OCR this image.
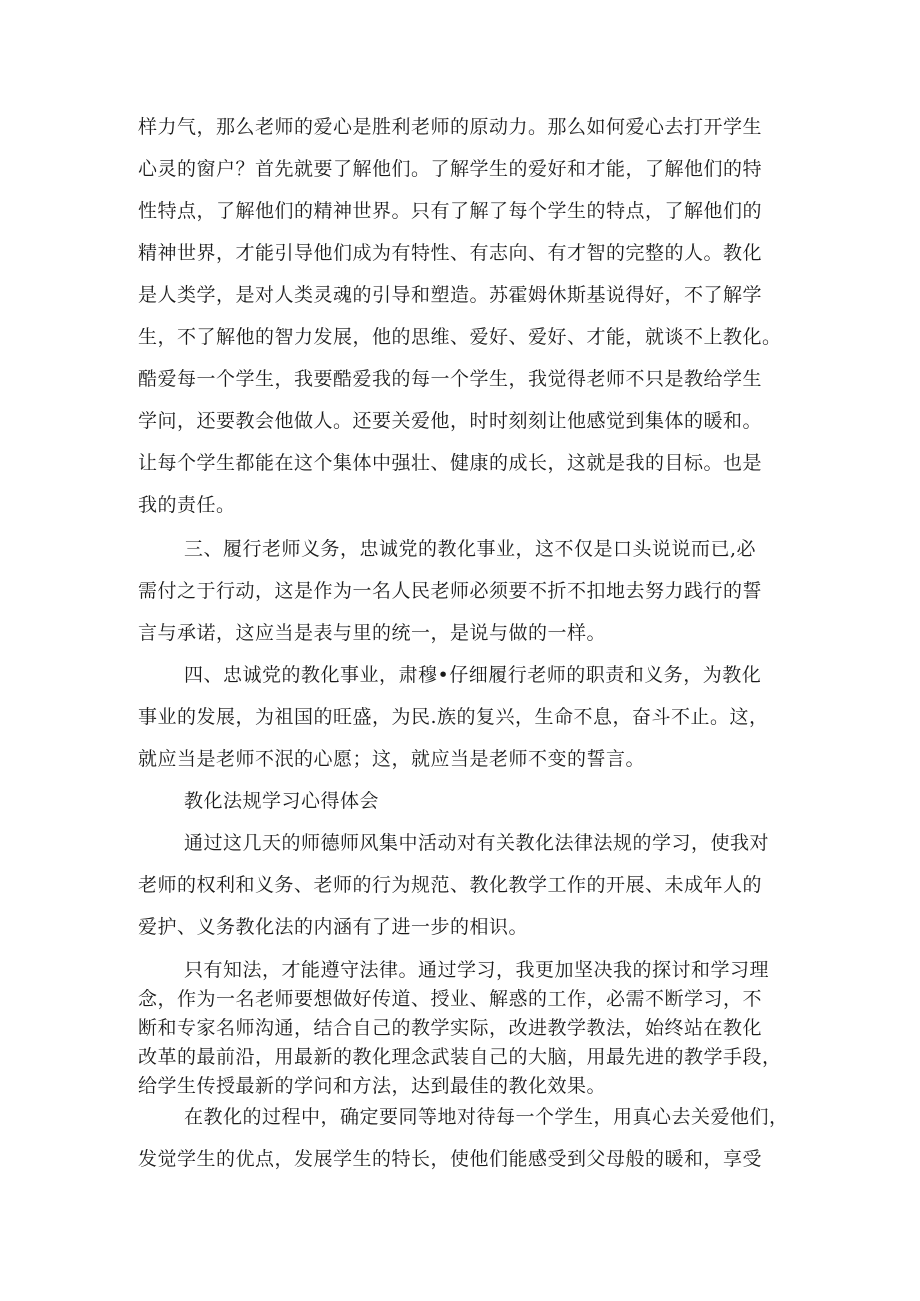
样力气，那么老师的爱心是胜利老师的原动力。那么如何爱心去打开学生
心灵的窗户？首先就要了解他们。了解学生的爱好和才能，了解他们的特
性特点，了解他们的精神世界。只有了解了每个学生的特点，了解他们的
精神世界，才能引导他们成为有特性、有志向、有才智的完整的人。教化
是人类学，是对人类灵魂的引导和塑造。苏霍姆休斯基说得好，不了解学
生，不了解他的智力发展，他的思维、爱好、爱好、才能，就谈不上教化。
酷爱每一个学生，我要酷爱我的每一个学生，我觉得老师不只是教给学生
学问，还要教会他做人。还要关爱他，时时刻刻让他感觉到集体的暖和。
让每个学生都能在这个集体中强壮、健康的成长，这就是我的目标。也是
我的责任。
三、履行老师义务，忠诚党的教化事业，这不仅是口头说说而已,必
需付之于行动，这是作为一名人民老师必须要不折不扣地去努力践行的誓
言与承诺，这应当是表与里的统一，是说与做的一样。
四、忠诚党的教化事业，肃穆•仔细履行老师的职责和义务，为教化
事业的发展，为祖国的旺盛，为民.族的复兴，生命不息，奋斗不止。这，
就应当是老师不泯的心愿；这，就应当是老师不变的誓言。
教化法规学习心得体会
通过这几天的师德师风集中活动对有关教化法律法规的学习，使我对
老师的权利和义务、老师的行为规范、教化教学工作的开展、未成年人的
爱护、义务教化法的内涵有了进一步的相识。
只有知法，才能遵守法律。通过学习，我更加坚决我的探讨和学习理
念，作为一名老师要想做好传道、授业、解惑的工作，必需不断学习，不
断和专家名师沟通，结合自己的教学实际，改进教学教法，始终站在教化
改革的最前沿，用最新的教化理念武装自己的大脑，用最先进的教学手段，
给学生传授最新的学问和方法，达到最佳的教化效果。
在教化的过程中，确定要同等地对待每一个学生，用真心去关爱他们，
发觉学生的优点，发展学生的特长，使他们能感受到父母般的暖和，享受
